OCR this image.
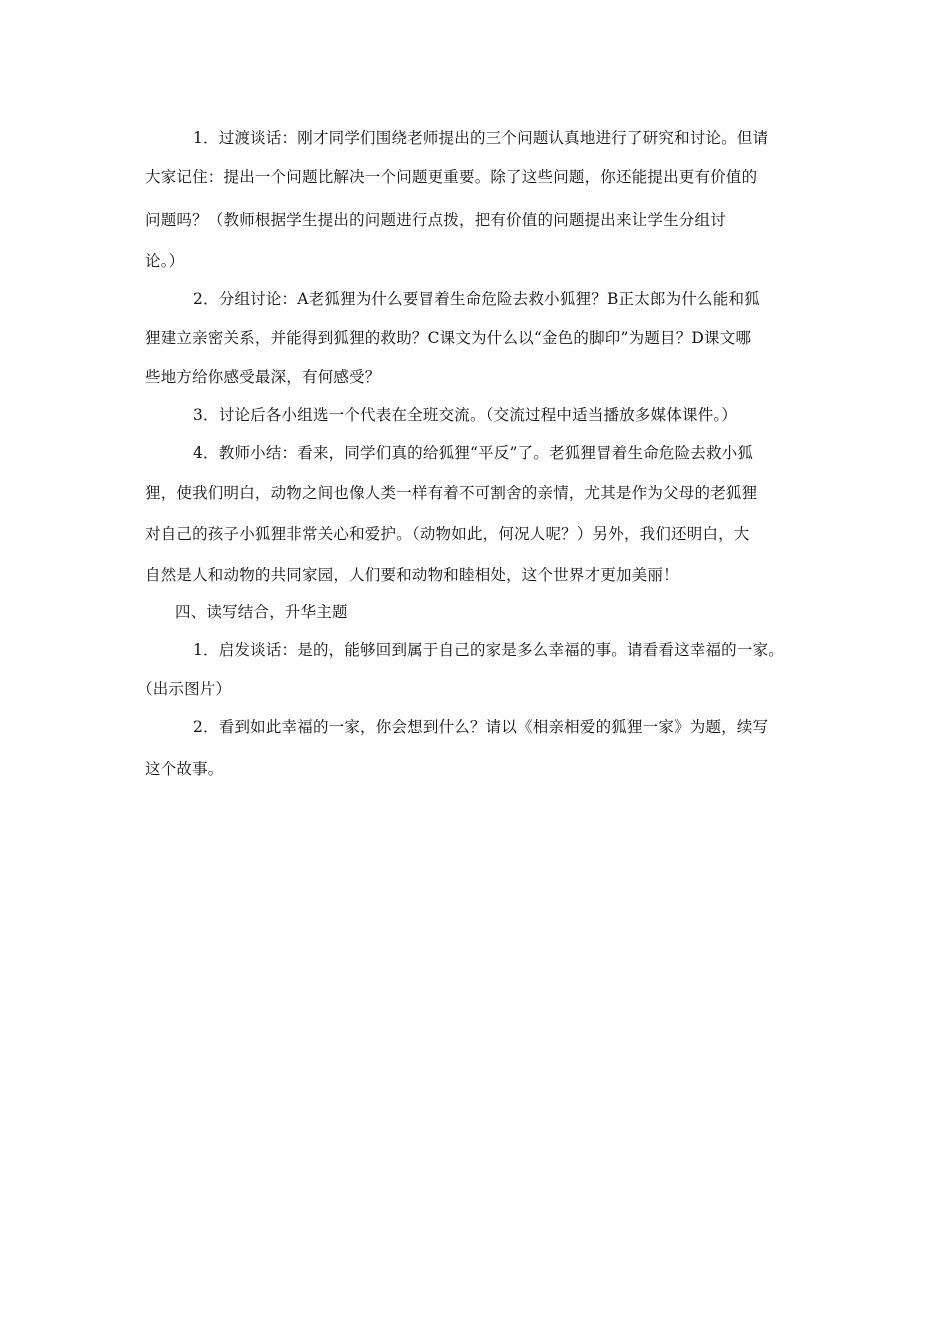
1．过渡谈话：刚才同学们围绕老师提出的三个问题认真地进行了研究和讨论。但请
大家记住：提出一个问题比解决一个问题更重要。除了这些问题，你还能提出更有价值的
问题吗？（教师根据学生提出的问题进行点拨，把有价值的问题提出来让学生分组讨
论。）
2．分组讨论：A老狐狸为什么要冒着生命危险去救小狐狸？B正太郎为什么能和狐
狸建立亲密关系，并能得到狐狸的救助？C课文为什么以“金色的脚印”为题目？D课文哪
些地方给你感受最深，有何感受？
3．讨论后各小组选一个代表在全班交流。（交流过程中适当播放多媒体课件。）
4．教师小结：看来，同学们真的给狐狸“平反”了。老狐狸冒着生命危险去救小狐
狸，使我们明白，动物之间也像人类一样有着不可割舍的亲情，尤其是作为父母的老狐狸
对自己的孩子小狐狸非常关心和爱护。（动物如此，何况人呢？）另外，我们还明白，大
自然是人和动物的共同家园，人们要和动物和睦相处，这个世界才更加美丽！
四、读写结合，升华主题
1．启发谈话：是的，能够回到属于自己的家是多么幸福的事。请看看这幸福的一家。
（出示图片）
2．看到如此幸福的一家，你会想到什么？请以《相亲相爱的狐狸一家》为题，续写
这个故事。
